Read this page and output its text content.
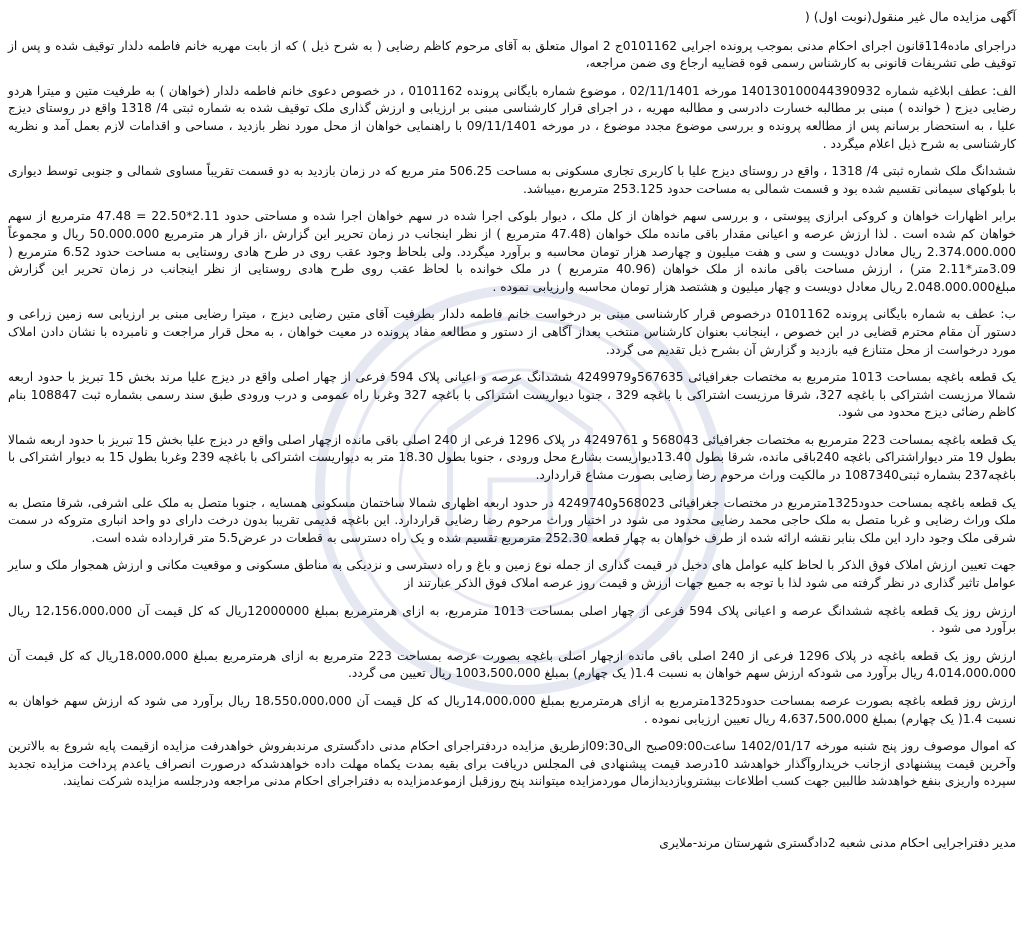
آگهی مزایده مال غیر منقول(نوبت اول) (

دراجرای ماده114قانون اجرای احکام مدنی بموجب پرونده اجرایی 0101162ج 2 اموال متعلق به آقای مرحوم کاظم رضایی ( به شرح ذیل ) که از بابت مهریه خانم فاطمه دلدار توقیف شده و پس از توقیف طی تشریفات قانونی به کارشناس رسمی قوه قضاییه ارجاع وی ضمن مراجعه،

الف: عطف ابلاغیه شماره 140130100044390932 مورخه 02/11/1401 ، موضوع شماره بایگانی پرونده 0101162 ، در خصوص دعوی خانم فاطمه دلدار (خواهان ) به طرفیت متین و میترا هردو رضایی دیزج ( خوانده ) مبنی بر مطالبه خسارت دادرسی و مطالبه مهریه ، در اجرای قرار کارشناسی مبنی بر ارزیابی و ارزش گذاری ملک توقیف شده به شماره ثبتی 4/ 1318 واقع در روستای دیزج علیا ، به استحضار برسانم پس از مطالعه پرونده و بررسی موضوع مجدد موضوع ، در مورخه 09/11/1401 با راهنمایی خواهان از محل مورد نظر بازدید ، مساحی و اقدامات لازم بعمل آمد و نظریه کارشناسی به شرح ذیل اعلام میگردد .

ششدانگ ملک شماره ثبتی 4/ 1318 ، واقع در روستای دیزج علیا با کاربری تجاری مسکونی به مساحت 506.25 متر مربع که در زمان بازدید به دو قسمت تقریباً مساوی شمالی و جنوبی توسط دیواری با بلوکهای سیمانی تقسیم شده بود و قسمت شمالی به مساحت حدود 253.125 مترمربع ،میباشد.

برابر اظهارات خواهان و کروکی ابرازی پیوستی ، و بررسی سهم خواهان از کل ملک ، دیوار بلوکی اجرا شده در سهم خواهان اجرا شده و مساحتی حدود 2.11*22.50 = 47.48 مترمربع از سهم خواهان کم شده است . لذا ارزش عرصه و اعیانی مقدار باقی مانده ملک خواهان (47.48 مترمربع ) از نظر اینجانب در زمان تحریر این گزارش ،از قرار هر مترمربع 50.000.000 ریال و مجموعاً 2.374.000.000 ریال معادل دویست و سی و هفت میلیون و چهارصد هزار تومان محاسبه و برآورد میگردد. ولی بلحاظ وجود عقب روی در طرح هادی روستایی به مساحت حدود 6.52 مترمربع ( 3.09متر*2.11 متر) ، ارزش مساحت باقی مانده از ملک خواهان (40.96 مترمربع ) در ملک خوانده با لحاظ عقب روی طرح هادی روستایی از نظر اینجانب در زمان تحریر این گزارش مبلغ2.048.000.000 ریال معادل دویست و چهار میلیون و هشتصد هزار تومان محاسبه وارزیابی نموده .

ب: عطف به شماره بایگانی پرونده 0101162 درخصوص قرار کارشناسی مبنی بر درخواست خانم فاطمه دلدار بطرفیت آقای متین رضایی دیزج ، میترا رضایی مبنی بر ارزیابی سه زمین زراعی و دستور آن مقام محترم قضایی در این خصوص ، اینجانب بعنوان کارشناس منتخب بعداز آگاهی از دستور و مطالعه مفاد پرونده در معیت خواهان ، به محل قرار مراجعت و نامبرده با نشان دادن املاک مورد درخواست از محل متنازع فیه بازدید و گزارش آن بشرح ذیل تقدیم می گردد.

یک قطعه باغچه بمساحت 1013 مترمربع به مختصات جغرافیائی 567635و4249979 ششدانگ عرصه و اعیانی پلاک 594 فرعی از چهار اصلی واقع در دیزج علیا مرند بخش 15 تبریز با حدود اربعه شمالا مرزیست اشتراکی با باغچه 327، شرقا مرزیست اشتراکی با باغچه 329 ، جنوبا دیواریست اشتراکی با باغچه 327 وغربا راه عمومی و درب ورودی طبق سند رسمی بشماره ثبت 108847 بنام کاظم رضائی دیزج محدود می شود.

یک قطعه باغچه بمساحت 223 مترمربع به مختصات جغرافیائی 568043 و 4249761 در پلاک 1296 فرعی از 240 اصلی باقی مانده ازچهار اصلی واقع در دیزج علیا بخش 15 تبریز با حدود اربعه شمالا بطول 19 متر دیواراشتراکی باغچه 240باقی مانده، شرقا بطول 13.40دیواریست بشارع محل ورودی ، جنوبا بطول 18.30 متر به دیواریست اشتراکی با باغچه 239 وغربا بطول 15 به دیوار اشتراکی با باغچه237 بشماره ثبتی1087340 در مالکیت وراث مرحوم رضا رضایی بصورت مشاع قراردارد.

یک قطعه باغچه بمساحت حدود1325مترمربع در مختصات جغرافیائی 568023و4249740 در حدود اربعه اظهاری شمالا ساختمان مسکونی همسایه ، جنوبا متصل به ملک علی اشرفی، شرقا متصل به ملک وراث رضایی و غربا متصل به ملک حاجی محمد رضایی محدود می شود در اختیار وراث مرحوم رضا رضایی قراردارد. این باغچه قدیمی تقریبا بدون درخت دارای دو واحد انباری متروکه در سمت شرقی ملک وجود دارد این ملک بنابر نقشه ارائه شده از طرف خواهان به چهار قطعه 252.30 مترمربع تقسیم شده و یک راه دسترسی به قطعات در عرض5.5 متر قرارداده شده است.

جهت تعیین ارزش املاک فوق الذکر با لحاظ کلیه عوامل های دخیل در قیمت گذاری از جمله نوع زمین و باغ و راه دسترسی و نزدیکی به مناطق مسکونی و موقعیت مکانی و ارزش همجوار ملک و سایر عوامل تاثیر گذاری در نظر گرفته می شود لذا با توجه به جمیع جهات ارزش و قیمت روز عرصه املاک فوق الذکر عبارتند از

ارزش روز یک قطعه باغچه ششدانگ عرصه و اعیانی پلاک 594 فرعی از چهار اصلی بمساحت 1013 مترمربع، به ازای هرمترمربع بمبلغ 12000000ریال که کل قیمت آن 12،156،000،000 ریال برآورد می شود .

ارزش روز یک قطعه باغچه در پلاک 1296 فرعی از 240 اصلی باقی مانده ازچهار اصلی باغچه بصورت عرصه بمساحت 223 مترمربع به ازای هرمترمربع بمبلغ 18،000،000ریال که کل قیمت آن 4،014،000،000 ریال برآورد می شودکه ارزش سهم خواهان به نسبت 1.4( یک چهارم) بمبلغ 1003،500،000 ریال تعیین می گردد.

ارزش روز قطعه باغچه بصورت عرصه بمساحت حدود1325مترمربع به ازای هرمترمربع بمبلغ 14،000،000ریال که کل قیمت آن 18،550،000،000 ریال برآورد می شود که ارزش سهم خواهان به نسبت 1.4( یک چهارم) بمبلغ 4،637،500،000 ریال تعیین ارزیابی نموده .

که اموال موصوف روز پنج شنبه مورخه 1402/01/17 ساعت09:00صبح الی09:30ازطریق مزایده دردفتراجرای احکام مدنی دادگستری مرندبفروش خواهدرفت مزایده ازقیمت پایه شروع به بالاترین وآخرین قیمت پیشنهادی ازجانب خریداروآگذار خواهدشد 10درصد قیمت پیشنهادی فی المجلس دریافت برای بقیه بمدت یکماه مهلت داده خواهدشدکه درصورت انصراف یاعدم پرداخت مزایده تجدید سپرده واریزی بنفع خواهدشد طالبین جهت کسب اطلاعات بیشتروبازدیدازمال موردمزایده میتوانند پنج روزقبل ازموعدمزایده به دفتراجرای احکام مدنی مراجعه ودرجلسه مزایده شرکت نمایند.

مدیر دفتراجرایی احکام مدنی شعبه 2دادگستری شهرستان مرند-ملایری
